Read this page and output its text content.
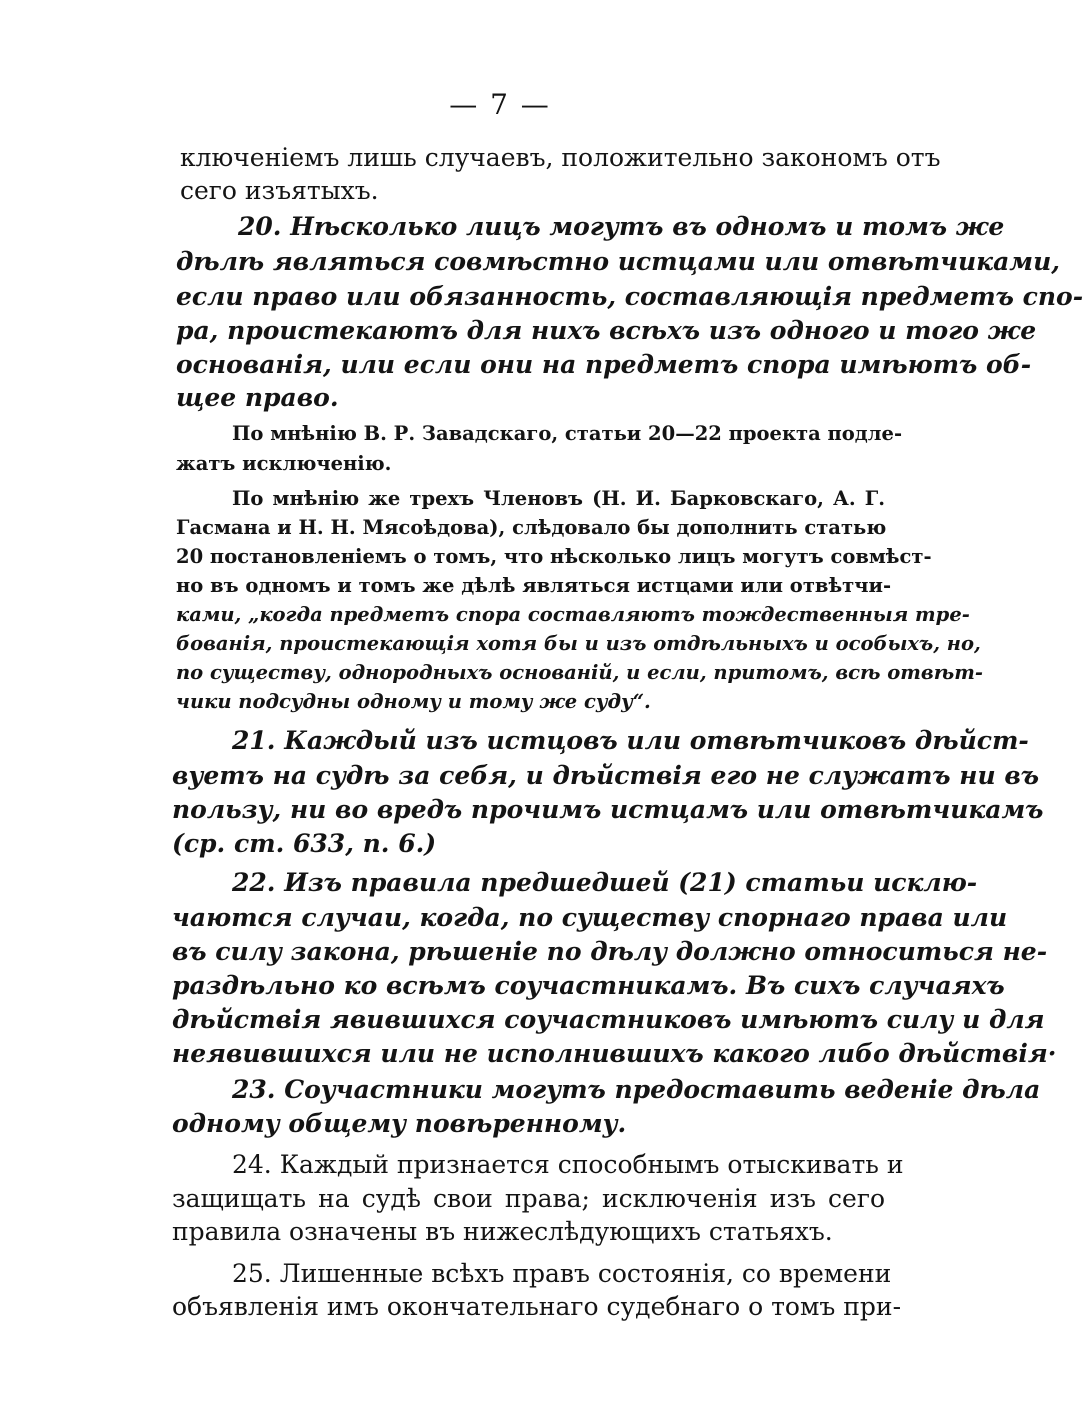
— 7 —
ключеніемъ лишь случаевъ, положительно закономъ отъ
сего изъятыхъ.
20. Нѣсколько лицъ могутъ въ одномъ и томъ же
дѣлѣ являться совмѣстно истцами или отвѣтчиками,
если право или обязанность, составляющія предметъ спо-
ра, проистекаютъ для нихъ всѣхъ изъ одного и того же
основанія, или если они на предметъ спора имѣютъ об-
щее право.
По мнѣнію В. Р. Завадскаго, статьи 20—22 проекта подле-
жатъ исключенію.
По мнѣнію же трехъ Членовъ (Н. И. Барковскаго, А. Г.
Гасмана и Н. Н. Мясоѣдова), слѣдовало бы дополнить статью
20 постановленіемъ о томъ, что нѣсколько лицъ могутъ совмѣст-
но въ одномъ и томъ же дѣлѣ являться истцами или отвѣтчи-
ками, „когда предметъ спора составляютъ тождественныя тре-
бованія, проистекающія хотя бы и изъ отдѣльныхъ и особыхъ, но,
по существу, однородныхъ основаній, и если, притомъ, всѣ отвѣт-
чики подсудны одному и тому же суду“.
21. Каждый изъ истцовъ или отвѣтчиковъ дѣйст-
вуетъ на судѣ за себя, и дѣйствія его не служатъ ни въ
пользу, ни во вредъ прочимъ истцамъ или отвѣтчикамъ
(ср. ст. 633, п. 6.)
22. Изъ правила предшедшей (21) статьи исклю-
чаются случаи, когда, по существу спорнаго права или
въ силу закона, рѣшеніе по дѣлу должно относиться не-
раздѣльно ко всѣмъ соучастникамъ. Въ сихъ случаяхъ
дѣйствія явившихся соучастниковъ имѣютъ силу и для
неявившихся или не исполнившихъ какого либо дѣйствія·
23. Соучастники могутъ предоставить веденіе дѣла
одному общему повѣренному.
24. Каждый признается способнымъ отыскивать и
защищать на судѣ свои права; исключенія изъ сего
правила означены въ нижеслѣдующихъ статьяхъ.
25. Лишенные всѣхъ правъ состоянія, со времени
объявленія имъ окончательнаго судебнаго о томъ при-
